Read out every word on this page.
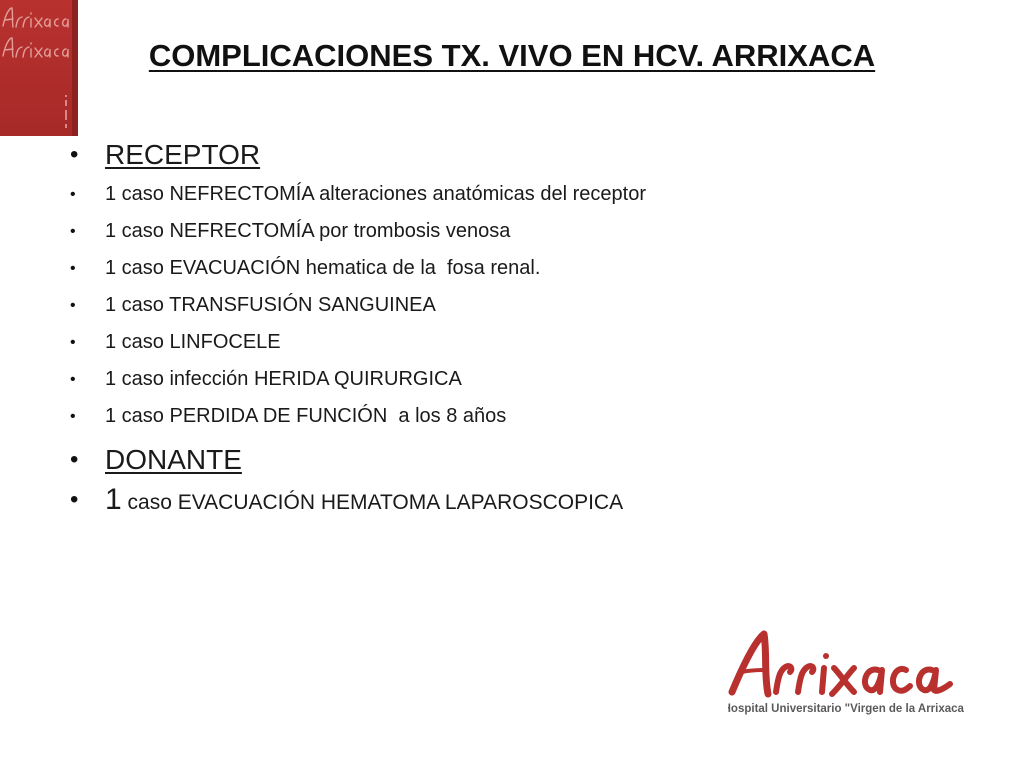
COMPLICACIONES TX. VIVO EN HCV. ARRIXACA
• RECEPTOR
• 1 caso NEFRECTOMÍA alteraciones anatómicas del receptor
• 1 caso NEFRECTOMÍA por trombosis venosa
• 1 caso EVACUACIÓN hematica de la  fosa renal.
• 1 caso TRANSFUSIÓN SANGUINEA
• 1 caso LINFOCELE
• 1 caso infección HERIDA QUIRURGICA
• 1 caso PERDIDA DE FUNCIÓN  a los 8 años
• DONANTE
• 1 caso EVACUACIÓN HEMATOMA LAPAROSCOPICA
Hospital Universitario "Virgen de la Arrixaca"
